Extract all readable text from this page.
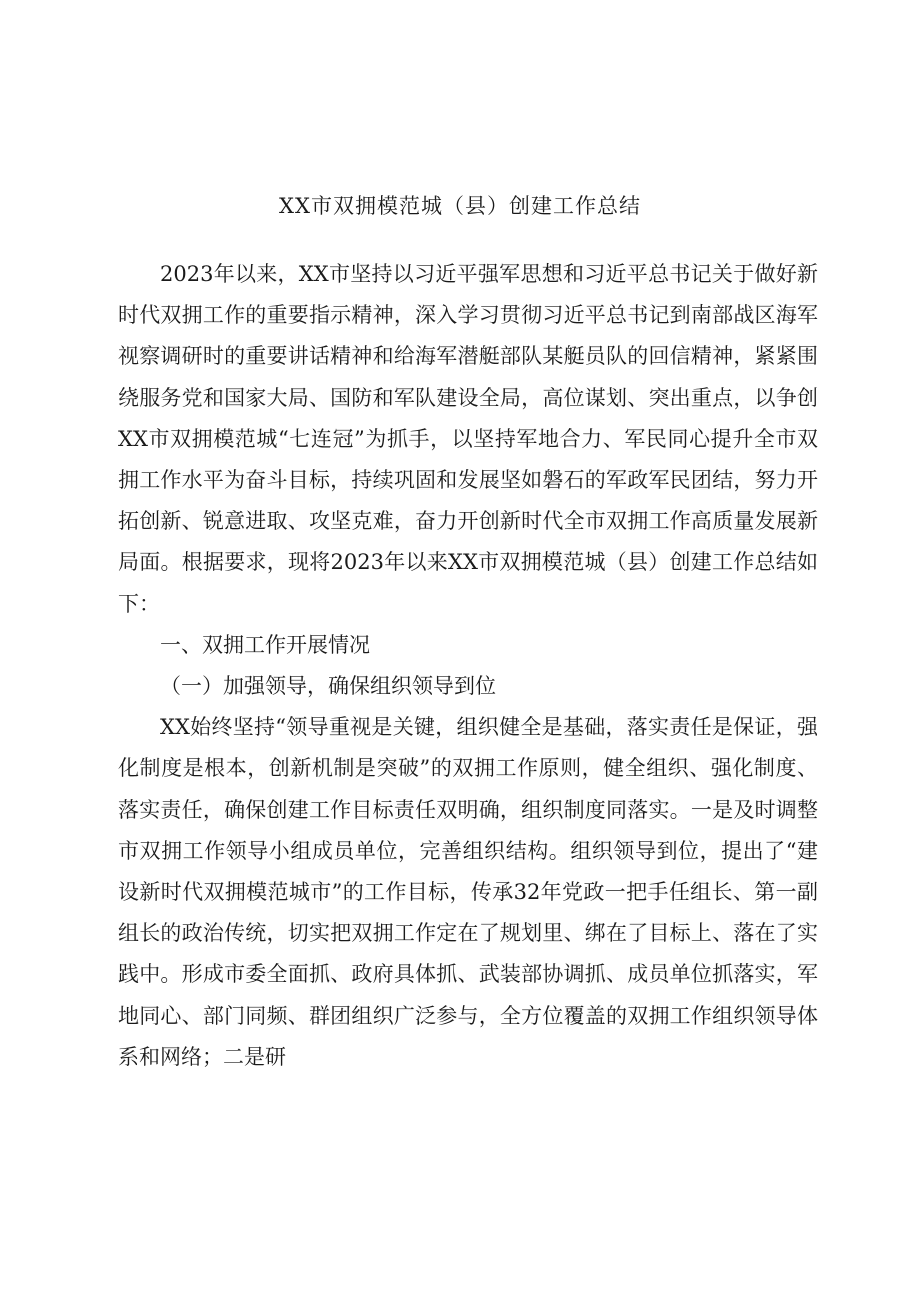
XX市双拥模范城（县）创建工作总结

2023年以来，XX市坚持以习近平强军思想和习近平总书记关于做好新时代双拥工作的重要指示精神，深入学习贯彻习近平总书记到南部战区海军视察调研时的重要讲话精神和给海军潜艇部队某艇员队的回信精神，紧紧围绕服务党和国家大局、国防和军队建设全局，高位谋划、突出重点，以争创XX市双拥模范城“七连冠”为抓手，以坚持军地合力、军民同心提升全市双拥工作水平为奋斗目标，持续巩固和发展坚如磐石的军政军民团结，努力开拓创新、锐意进取、攻坚克难，奋力开创新时代全市双拥工作高质量发展新局面。根据要求，现将2023年以来XX市双拥模范城（县）创建工作总结如下：

一、双拥工作开展情况

（一）加强领导，确保组织领导到位

XX始终坚持“领导重视是关键，组织健全是基础，落实责任是保证，强化制度是根本，创新机制是突破”的双拥工作原则，健全组织、强化制度、落实责任，确保创建工作目标责任双明确，组织制度同落实。一是及时调整市双拥工作领导小组成员单位，完善组织结构。组织领导到位，提出了“建设新时代双拥模范城市”的工作目标，传承32年党政一把手任组长、第一副组长的政治传统，切实把双拥工作定在了规划里、绑在了目标上、落在了实践中。形成市委全面抓、政府具体抓、武装部协调抓、成员单位抓落实，军地同心、部门同频、群团组织广泛参与，全方位覆盖的双拥工作组织领导体系和网络；二是研
